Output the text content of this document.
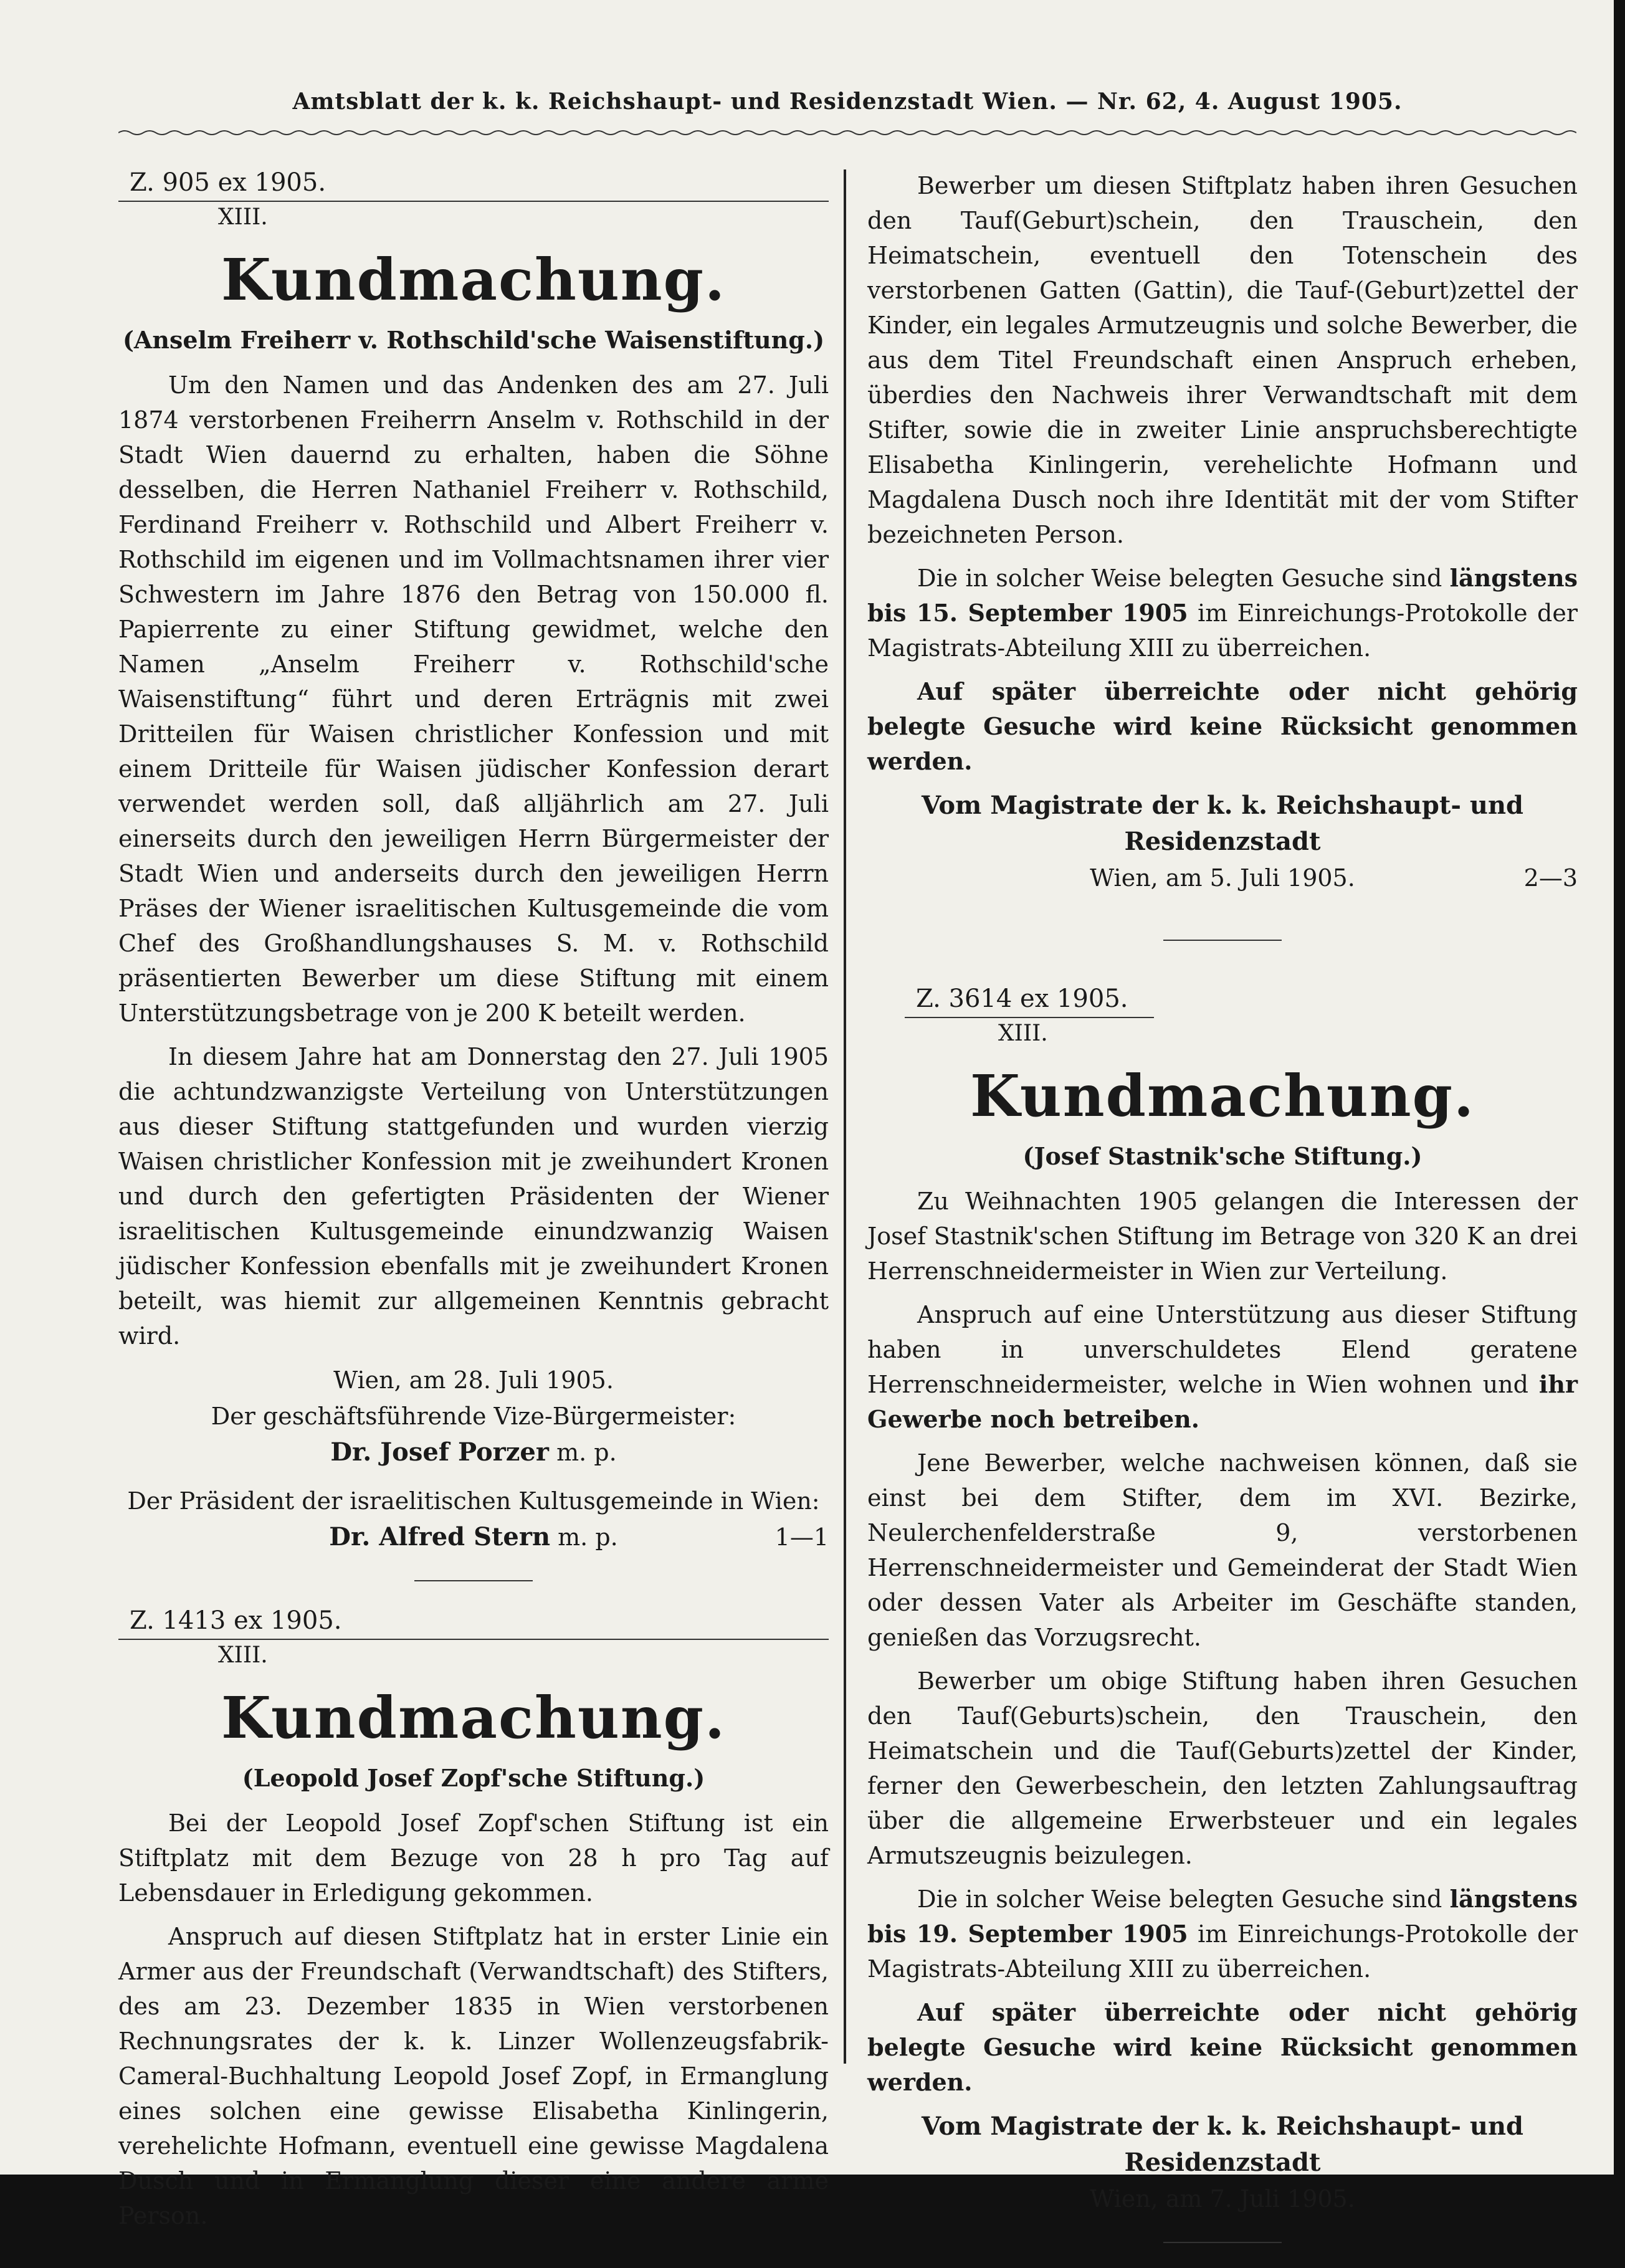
Amtsblatt der k. k. Reichshaupt- und Residenzstadt Wien. — Nr. 62, 4. August 1905.
Z. 905 ex 1905.
XIII.
Kundmachung.
(Anselm Freiherr v. Rothschild'sche Waisenstiftung.)

Um den Namen und das Andenken des am 27. Juli 1874 verstorbenen Freiherrn Anselm v. Rothschild in der Stadt Wien dauernd zu erhalten, haben die Söhne desselben, die Herren Nathaniel Freiherr v. Rothschild, Ferdinand Freiherr v. Rothschild und Albert Freiherr v. Rothschild im eigenen und im Vollmachtsnamen ihrer vier Schwestern im Jahre 1876 den Betrag von 150.000 fl. Papierrente zu einer Stiftung gewidmet, welche den Namen „Anselm Freiherr v. Rothschild'sche Waisenstiftung“ führt und deren Erträgnis mit zwei Dritteilen für Waisen christlicher Konfession und mit einem Dritteile für Waisen jüdischer Konfession derart verwendet werden soll, daß alljährlich am 27. Juli einerseits durch den jeweiligen Herrn Bürgermeister der Stadt Wien und anderseits durch den jeweiligen Herrn Präses der Wiener israelitischen Kultusgemeinde die vom Chef des Großhandlungshauses S. M. v. Rothschild präsentierten Bewerber um diese Stiftung mit einem Unterstützungsbetrage von je 200 K beteilt werden.

In diesem Jahre hat am Donnerstag den 27. Juli 1905 die achtundzwanzigste Verteilung von Unterstützungen aus dieser Stiftung stattgefunden und wurden vierzig Waisen christlicher Konfession mit je zweihundert Kronen und durch den gefertigten Präsidenten der Wiener israelitischen Kultusgemeinde einundzwanzig Waisen jüdischer Konfession ebenfalls mit je zweihundert Kronen beteilt, was hiemit zur allgemeinen Kenntnis gebracht wird.

Wien, am 28. Juli 1905.
Der geschäftsführende Vize-Bürgermeister:
Dr. Josef Porzer m. p.
Der Präsident der israelitischen Kultusgemeinde in Wien:
Dr. Alfred Stern m. p.	1—1
Z. 1413 ex 1905.
XIII.
Kundmachung.
(Leopold Josef Zopf'sche Stiftung.)

Bei der Leopold Josef Zopf'schen Stiftung ist ein Stiftplatz mit dem Bezuge von 28 h pro Tag auf Lebensdauer in Erledigung gekommen.

Anspruch auf diesen Stiftplatz hat in erster Linie ein Armer aus der Freundschaft (Verwandtschaft) des Stifters, des am 23. Dezember 1835 in Wien verstorbenen Rechnungsrates der k. k. Linzer Wollenzeugsfabrik-Cameral-Buchhaltung Leopold Josef Zopf, in Ermanglung eines solchen eine gewisse Elisabetha Kinlingerin, verehelichte Hofmann, eventuell eine gewisse Magdalena Dusch und in Ermanglung dieser eine andere arme Person.

Bewerber um diesen Stiftplatz haben ihren Gesuchen den Tauf(Geburt)schein, den Trauschein, den Heimatschein, eventuell den Totenschein des verstorbenen Gatten (Gattin), die Tauf-(Geburt)zettel der Kinder, ein legales Armutzeugnis und solche Bewerber, die aus dem Titel Freundschaft einen Anspruch erheben, überdies den Nachweis ihrer Verwandtschaft mit dem Stifter, sowie die in zweiter Linie anspruchsberechtigte Elisabetha Kinlingerin, verehelichte Hofmann und Magdalena Dusch noch ihre Identität mit der vom Stifter bezeichneten Person.

Die in solcher Weise belegten Gesuche sind längstens bis 15. September 1905 im Einreichungs-Protokolle der Magistrats-Abteilung XIII zu überreichen.

Auf später überreichte oder nicht gehörig belegte Gesuche wird keine Rücksicht genommen werden.

Vom Magistrate der k. k. Reichshaupt- und Residenzstadt
Wien, am 5. Juli 1905.	2—3
Z. 3614 ex 1905.
XIII.
Kundmachung.
(Josef Stastnik'sche Stiftung.)

Zu Weihnachten 1905 gelangen die Interessen der Josef Stastnik'schen Stiftung im Betrage von 320 K an drei Herrenschneidermeister in Wien zur Verteilung.

Anspruch auf eine Unterstützung aus dieser Stiftung haben in unverschuldetes Elend geratene Herrenschneidermeister, welche in Wien wohnen und ihr Gewerbe noch betreiben.

Jene Bewerber, welche nachweisen können, daß sie einst bei dem Stifter, dem im XVI. Bezirke, Neulerchenfelderstraße 9, verstorbenen Herrenschneidermeister und Gemeinderat der Stadt Wien oder dessen Vater als Arbeiter im Geschäfte standen, genießen das Vorzugsrecht.

Bewerber um obige Stiftung haben ihren Gesuchen den Tauf(Geburts)schein, den Trauschein, den Heimatschein und die Tauf(Geburts)zettel der Kinder, ferner den Gewerbeschein, den letzten Zahlungsauftrag über die allgemeine Erwerbsteuer und ein legales Armutszeugnis beizulegen.

Die in solcher Weise belegten Gesuche sind längstens bis 19. September 1905 im Einreichungs-Protokolle der Magistrats-Abteilung XIII zu überreichen.

Auf später überreichte oder nicht gehörig belegte Gesuche wird keine Rücksicht genommen werden.

Vom Magistrate der k. k. Reichshaupt- und Residenzstadt
Wien, am 7. Juli 1905.
